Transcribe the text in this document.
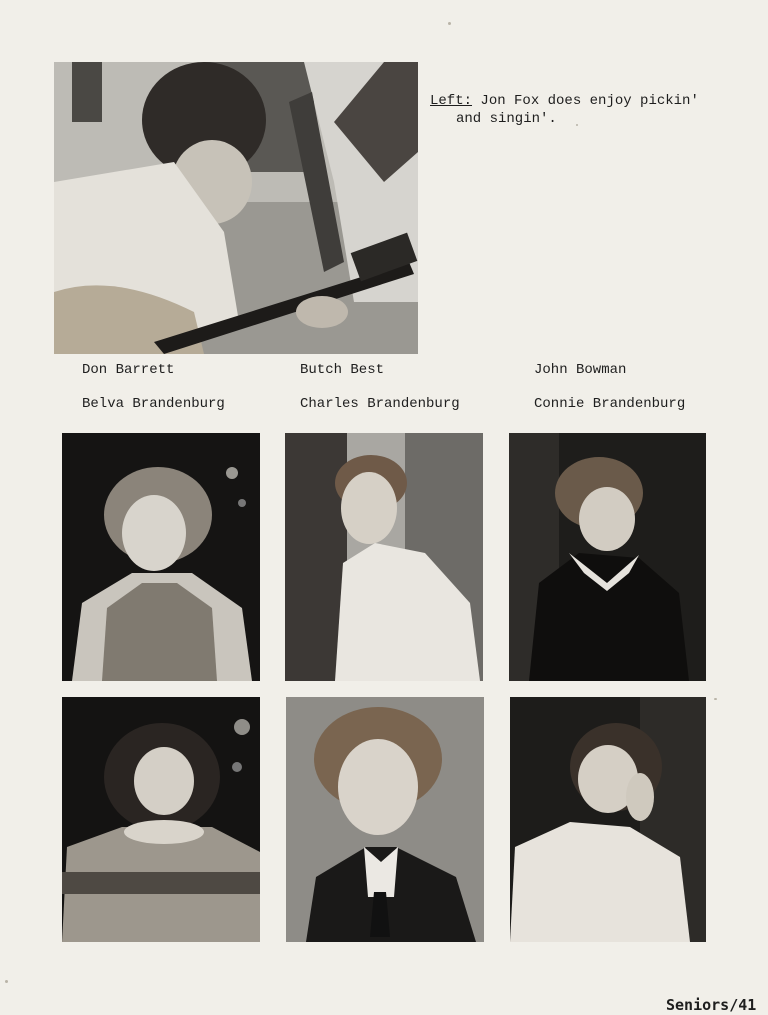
Left: Jon Fox does enjoy pickin'
and singin'.
Don Barrett	Butch Best	John Bowman
Belva Brandenburg	Charles Brandenburg	Connie Brandenburg
Seniors/41
